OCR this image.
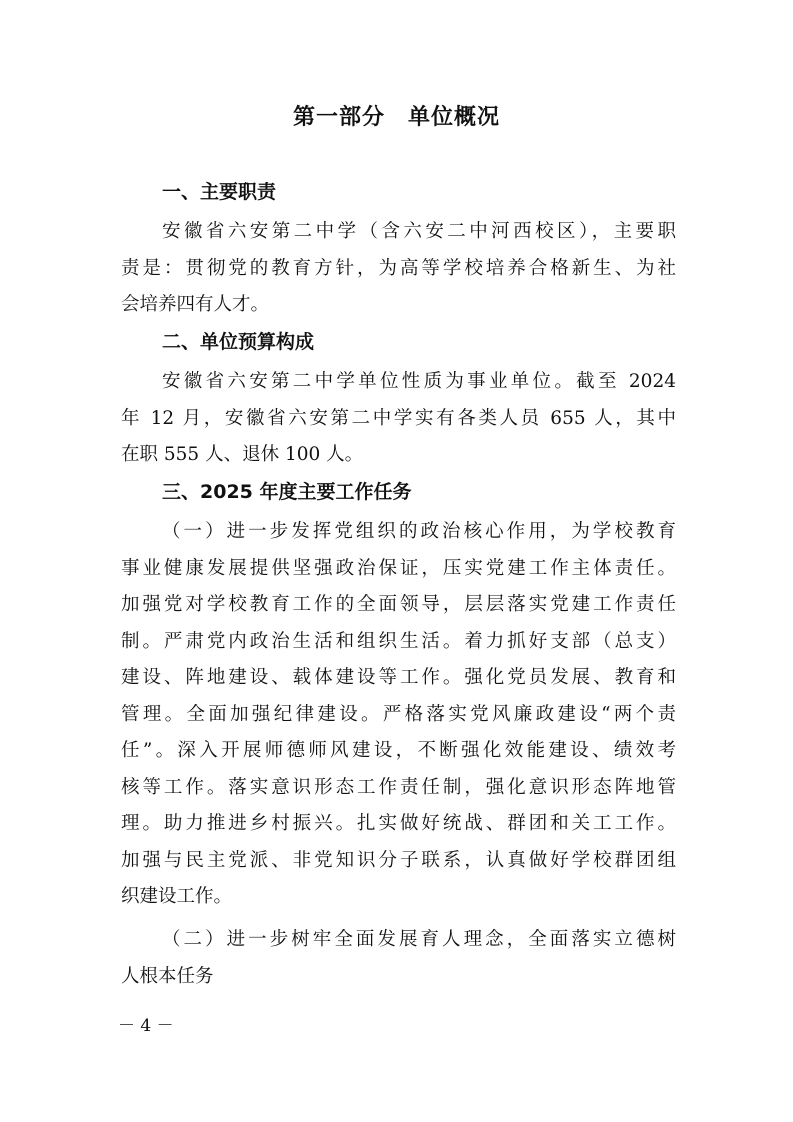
第一部分　单位概况
一、主要职责
安徽省六安第二中学（含六安二中河西校区），主要职
责是：贯彻党的教育方针，为高等学校培养合格新生、为社
会培养四有人才。
二、单位预算构成
安徽省六安第二中学单位性质为事业单位。截至 2024
年 12 月，安徽省六安第二中学实有各类人员 655 人，其中
在职 555 人、退休 100 人。
三、2025 年度主要工作任务
（一）进一步发挥党组织的政治核心作用，为学校教育
事业健康发展提供坚强政治保证，压实党建工作主体责任。
加强党对学校教育工作的全面领导，层层落实党建工作责任
制。严肃党内政治生活和组织生活。着力抓好支部（总支）
建设、阵地建设、载体建设等工作。强化党员发展、教育和
管理。全面加强纪律建设。严格落实党风廉政建设“两个责
任”。深入开展师德师风建设，不断强化效能建设、绩效考
核等工作。落实意识形态工作责任制，强化意识形态阵地管
理。助力推进乡村振兴。扎实做好统战、群团和关工工作。
加强与民主党派、非党知识分子联系，认真做好学校群团组
织建设工作。
（二）进一步树牢全面发展育人理念，全面落实立德树
人根本任务
－ 4 －
